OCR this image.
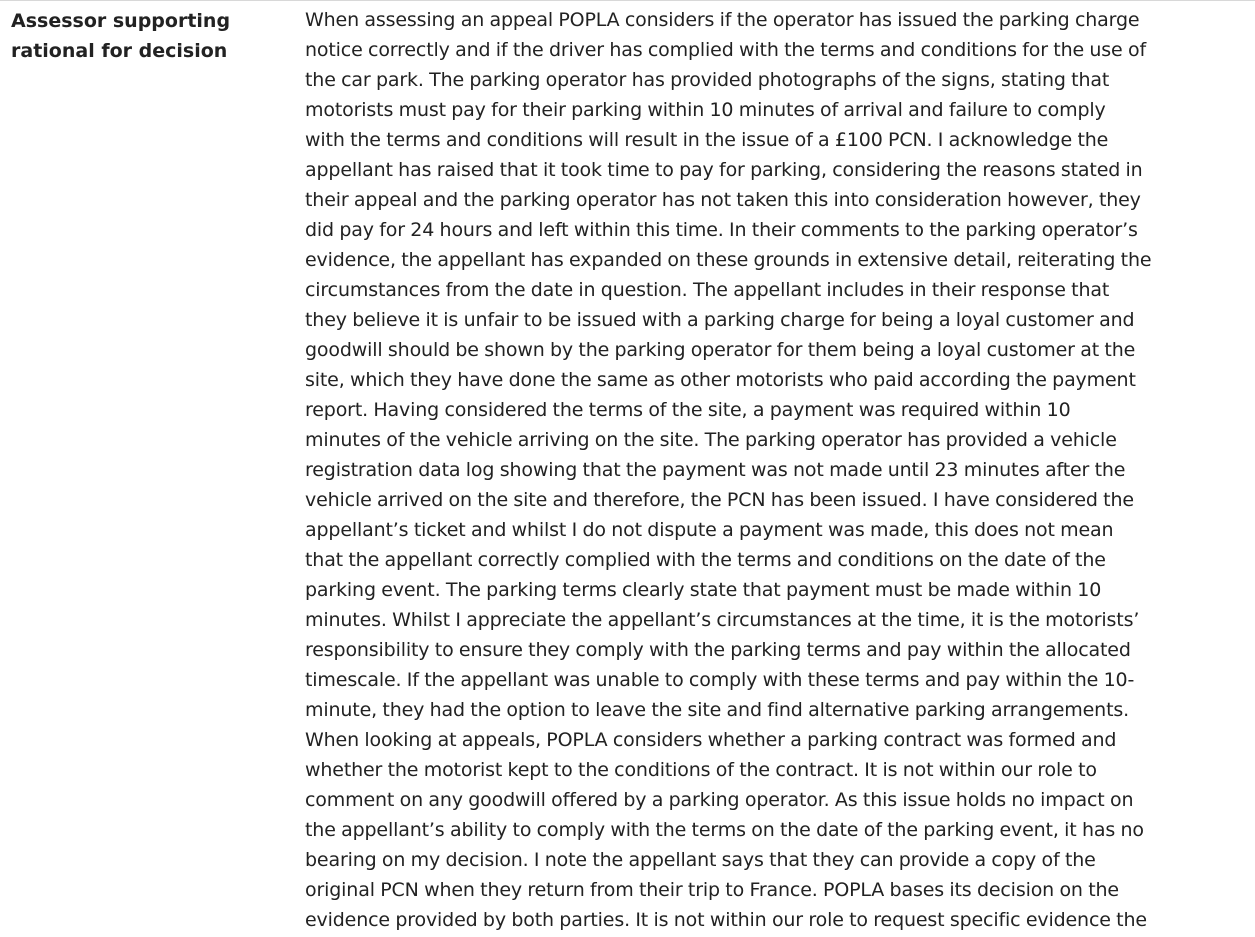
Assessor supporting
rational for decision
When assessing an appeal POPLA considers if the operator has issued the parking charge
notice correctly and if the driver has complied with the terms and conditions for the use of
the car park. The parking operator has provided photographs of the signs, stating that
motorists must pay for their parking within 10 minutes of arrival and failure to comply
with the terms and conditions will result in the issue of a £100 PCN. I acknowledge the
appellant has raised that it took time to pay for parking, considering the reasons stated in
their appeal and the parking operator has not taken this into consideration however, they
did pay for 24 hours and left within this time. In their comments to the parking operator’s
evidence, the appellant has expanded on these grounds in extensive detail, reiterating the
circumstances from the date in question. The appellant includes in their response that
they believe it is unfair to be issued with a parking charge for being a loyal customer and
goodwill should be shown by the parking operator for them being a loyal customer at the
site, which they have done the same as other motorists who paid according the payment
report. Having considered the terms of the site, a payment was required within 10
minutes of the vehicle arriving on the site. The parking operator has provided a vehicle
registration data log showing that the payment was not made until 23 minutes after the
vehicle arrived on the site and therefore, the PCN has been issued. I have considered the
appellant’s ticket and whilst I do not dispute a payment was made, this does not mean
that the appellant correctly complied with the terms and conditions on the date of the
parking event. The parking terms clearly state that payment must be made within 10
minutes. Whilst I appreciate the appellant’s circumstances at the time, it is the motorists’
responsibility to ensure they comply with the parking terms and pay within the allocated
timescale. If the appellant was unable to comply with these terms and pay within the 10-
minute, they had the option to leave the site and find alternative parking arrangements.
When looking at appeals, POPLA considers whether a parking contract was formed and
whether the motorist kept to the conditions of the contract. It is not within our role to
comment on any goodwill offered by a parking operator. As this issue holds no impact on
the appellant’s ability to comply with the terms on the date of the parking event, it has no
bearing on my decision. I note the appellant says that they can provide a copy of the
original PCN when they return from their trip to France. POPLA bases its decision on the
evidence provided by both parties. It is not within our role to request specific evidence the
